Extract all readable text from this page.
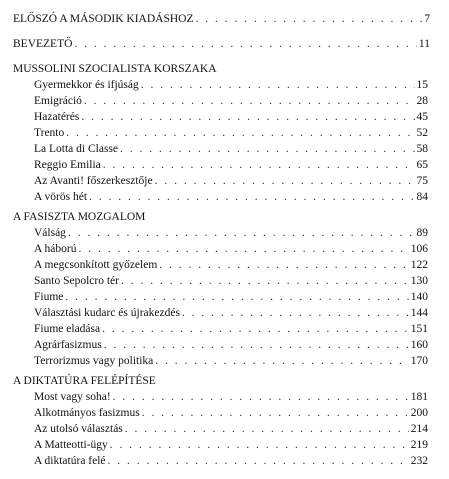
ELŐSZÓ A MÁSODIK KIADÁSHOZ . . .	7
BEVEZETŐ . . .	11
MUSSOLINI SZOCIALISTA KORSZAKA
Gyermekkor és ifjúság . . .	15
Emigráció . . .	28
Hazatérés . . .	45
Trento . . .	52
La Lotta di Classe . . .	58
Reggio Emilia . . .	65
Az Avanti! főszerkesztője . . .	75
A vörös hét . . .	84
A FASISZTA MOZGALOM
Válság . . .	89
A háború . . .	106
A megcsonkított győzelem . . .	122
Santo Sepolcro tér . . .	130
Fiume . . .	140
Választási kudarc és újrakezdés . . .	144
Fiume eladása . . .	151
Agrárfasizmus . . .	160
Terrorizmus vagy politika . . .	170
A DIKTATÚRA FELÉPÍTÉSE
Most vagy soha! . . .	181
Alkotmányos fasizmus . . .	200
Az utolsó választás . . .	214
A Matteotti-ügy . . .	219
A diktatúra felé . . .	232
